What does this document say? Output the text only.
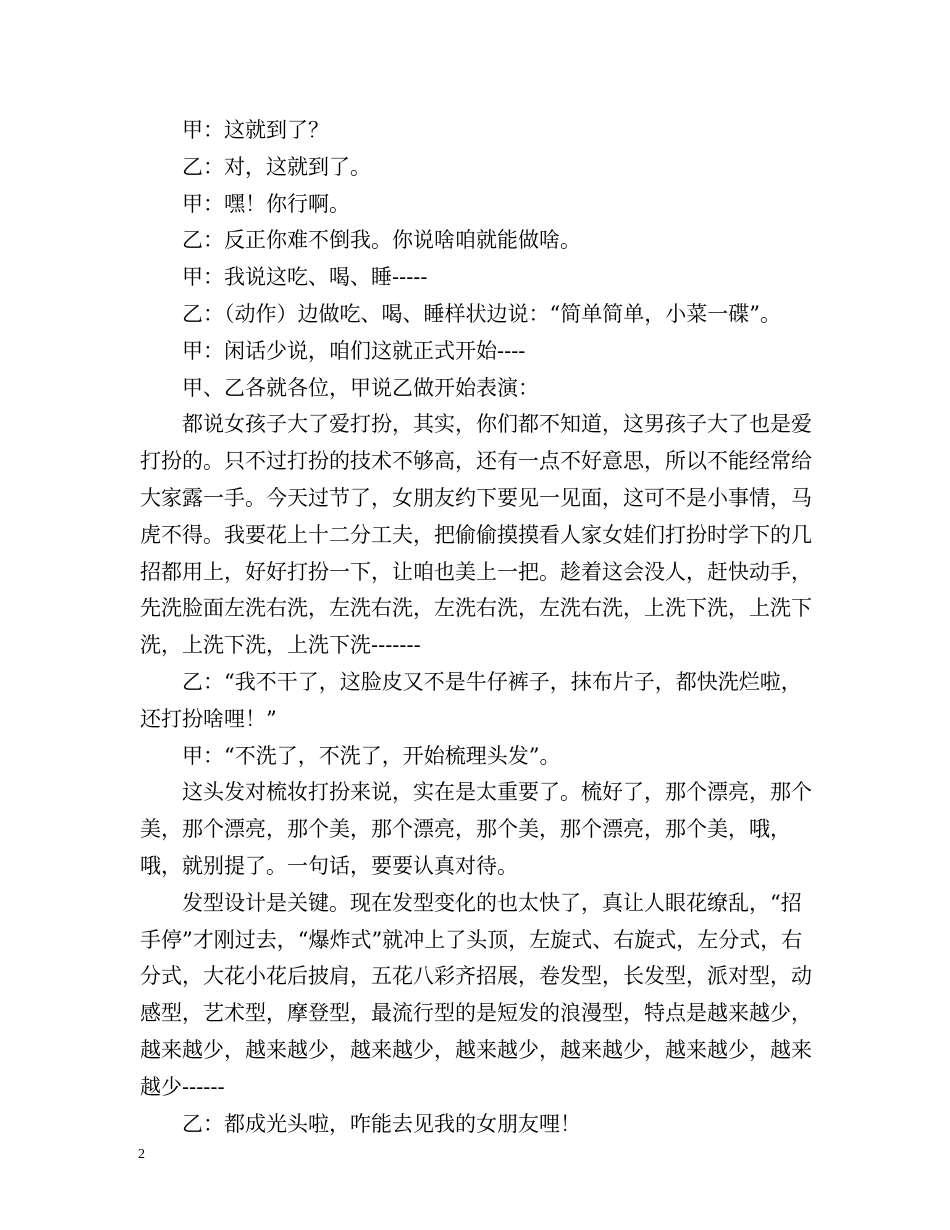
甲：这就到了？

乙：对，这就到了。

甲：嘿！你行啊。

乙：反正你难不倒我。你说啥咱就能做啥。

甲：我说这吃、喝、睡-----

乙：（动作）边做吃、喝、睡样状边说：“简单简单，小菜一碟”。

甲：闲话少说，咱们这就正式开始----

甲、乙各就各位，甲说乙做开始表演：

都说女孩子大了爱打扮，其实，你们都不知道，这男孩子大了也是爱打扮的。只不过打扮的技术不够高，还有一点不好意思，所以不能经常给大家露一手。今天过节了，女朋友约下要见一见面，这可不是小事情，马虎不得。我要花上十二分工夫，把偷偷摸摸看人家女娃们打扮时学下的几招都用上，好好打扮一下，让咱也美上一把。趁着这会没人，赶快动手，先洗脸面左洗右洗，左洗右洗，左洗右洗，左洗右洗，上洗下洗，上洗下洗，上洗下洗，上洗下洗-------

乙：“我不干了，这脸皮又不是牛仔裤子，抹布片子，都快洗烂啦，还打扮啥哩！”

甲：“不洗了，不洗了，开始梳理头发”。

这头发对梳妆打扮来说，实在是太重要了。梳好了，那个漂亮，那个美，那个漂亮，那个美，那个漂亮，那个美，那个漂亮，那个美，哦，哦，就别提了。一句话，要要认真对待。

发型设计是关键。现在发型变化的也太快了，真让人眼花缭乱，“招手停”才刚过去，“爆炸式”就冲上了头顶，左旋式、右旋式，左分式，右分式，大花小花后披肩，五花八彩齐招展，卷发型，长发型，派对型，动感型，艺术型，摩登型，最流行型的是短发的浪漫型，特点是越来越少，越来越少，越来越少，越来越少，越来越少，越来越少，越来越少，越来越少------

乙：都成光头啦，咋能去见我的女朋友哩！

2
